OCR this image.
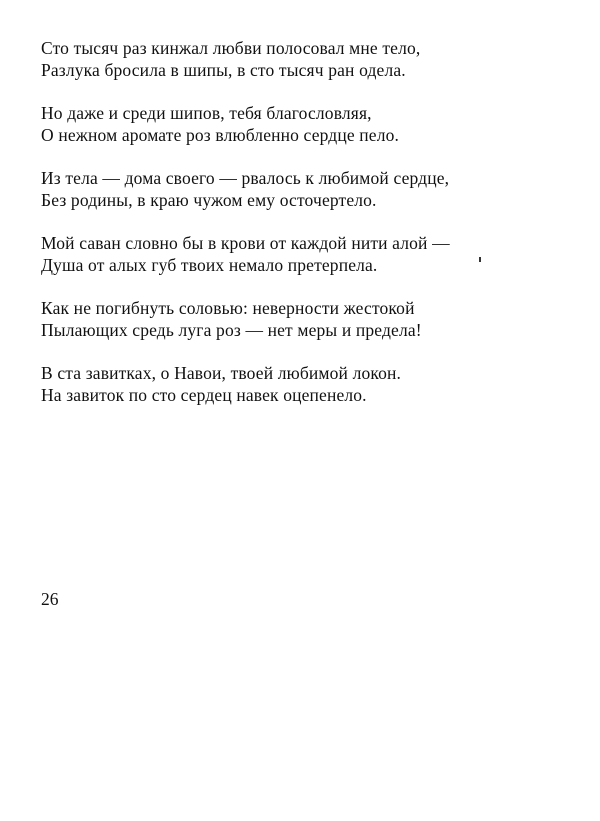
Сто тысяч раз кинжал любви полосовал мне тело,
Разлука бросила в шипы, в сто тысяч ран одела.
Но даже и среди шипов, тебя благословляя,
О нежном аромате роз влюбленно сердце пело.
Из тела — дома своего — рвалось к любимой сердце,
Без родины, в краю чужом ему осточертело.
Мой саван словно бы в крови от каждой нити алой —
Душа от алых губ твоих немало претерпела.
Как не погибнуть соловью: неверности жестокой
Пылающих средь луга роз — нет меры и предела!
В ста завитках, о Навои, твоей любимой локон.
На завиток по сто сердец навек оцепенело.
26
